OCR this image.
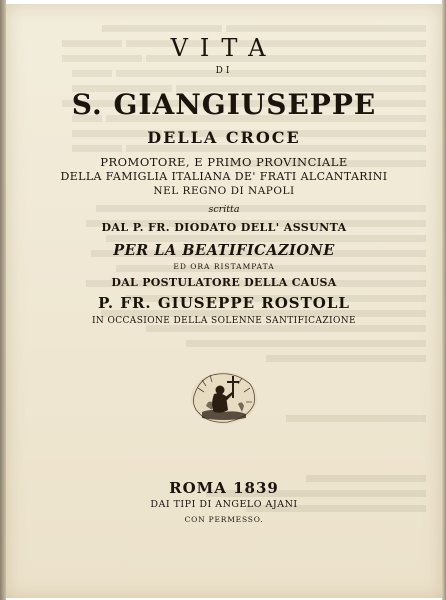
VITA
DI
S. GIANGIUSEPPE
DELLA CROCE
PROMOTORE, E PRIMO PROVINCIALE
DELLA FAMIGLIA ITALIANA DE' FRATI ALCANTARINI
NEL REGNO DI NAPOLI
scritta
DAL P. FR. DIODATO DELL' ASSUNTA
PER LA BEATIFICAZIONE
ED ORA RISTAMPATA
DAL POSTULATORE DELLA CAUSA
P. FR. GIUSEPPE ROSTOLL
IN OCCASIONE DELLA SOLENNE SANTIFICAZIONE
ROMA 1839
DAI TIPI DI ANGELO AJANI
CON PERMESSO.
